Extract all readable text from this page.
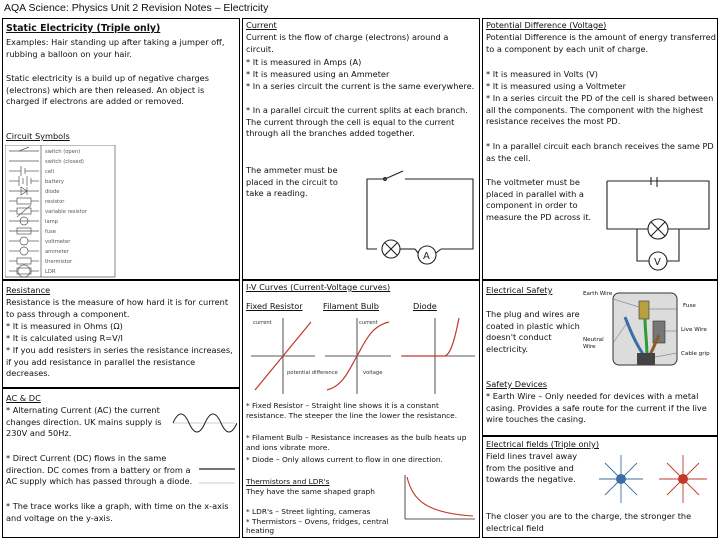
AQA Science: Physics Unit 2 Revision Notes – Electricity
Static Electricity (Triple only)
Examples: Hair standing up after taking a jumper off, rubbing a balloon on your hair.
Static electricity is a build up of negative charges (electrons) which are then released. An object is charged if electrons are added or removed.
Circuit Symbols
switch (open)
switch (closed)
cell
battery
diode
resistor
variable resistor
lamp
fuse
voltmeter
ammeter
thermistor
LDR
Current
Current is the flow of charge (electrons) around a circuit.
* It is measured in Amps (A)
* It is measured using an Ammeter
* In a series circuit the current is the same everywhere.
* In a parallel circuit the current splits at each branch. The current through the cell is equal to the current through all the branches added together.
The ammeter must be placed in the circuit to take a reading.
A
Potential Difference (Voltage)
Potential Difference is the amount of energy transferred to a component by each unit of charge.
* It is measured in Volts (V)
* It is measured using a Voltmeter
* In a series circuit the PD of the cell is shared between all the components. The component with the highest resistance receives the most PD.
* In a parallel circuit each branch receives the same PD as the cell.
The voltmeter must be placed in parallel with a component in order to measure the PD across it.
V
Resistance
Resistance is the measure of how hard it is for current to pass through a component.
* It is measured in Ohms (Ω)
* It is calculated using R=V/I
* If you add resisters in series the resistance increases, if you add resistance in parallel the resistance decreases.
AC & DC
* Alternating Current (AC) the current changes direction. UK mains supply is 230V and 50Hz.
* Direct Current (DC) flows in the same direction. DC comes from a battery or from a AC supply which has passed through a diode.
* The trace works like a graph, with time on the x-axis and voltage on the y-axis.
I-V Curves (Current-Voltage curves)
Fixed Resistor	Filament Bulb	Diode
current
potential difference
current
voltage
* Fixed Resistor – Straight line shows it is a constant resistance. The steeper the line the lower the resistance.
* Filament Bulb – Resistance increases as the bulb heats up and ions vibrate more.
* Diode – Only allows current to flow in one direction.
Thermistors and LDR's
They have the same shaped graph
* LDR's – Street lighting, cameras
* Thermistors – Ovens, fridges, central heating
Electrical Safety
The plug and wires are coated in plastic which doesn't conduct electricity.
Earth Wire
Fuse
Neutral Wire
Live Wire
Cable grip
Safety Devices
* Earth Wire – Only needed for devices with a metal casing. Provides a safe route for the current if the live wire touches the casing.
Electrical fields (Triple only)
Field lines travel away from the positive and towards the negative.
The closer you are to the charge, the stronger the electrical field
